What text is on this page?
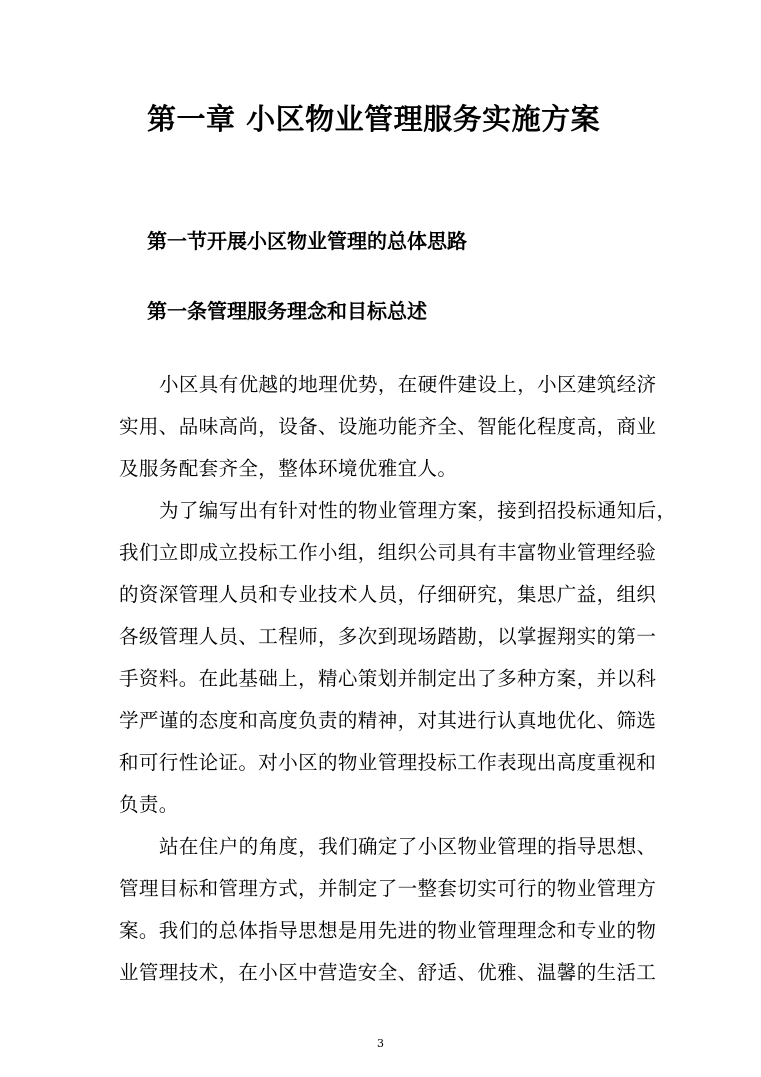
第一章 小区物业管理服务实施方案
第一节开展小区物业管理的总体思路
第一条管理服务理念和目标总述
小区具有优越的地理优势，在硬件建设上，小区建筑经济
实用、品味高尚，设备、设施功能齐全、智能化程度高，商业
及服务配套齐全，整体环境优雅宜人。
为了编写出有针对性的物业管理方案，接到招投标通知后，
我们立即成立投标工作小组，组织公司具有丰富物业管理经验
的资深管理人员和专业技术人员，仔细研究，集思广益，组织
各级管理人员、工程师，多次到现场踏勘，以掌握翔实的第一
手资料。在此基础上，精心策划并制定出了多种方案，并以科
学严谨的态度和高度负责的精神，对其进行认真地优化、筛选
和可行性论证。对小区的物业管理投标工作表现出高度重视和
负责。
站在住户的角度，我们确定了小区物业管理的指导思想、
管理目标和管理方式，并制定了一整套切实可行的物业管理方
案。我们的总体指导思想是用先进的物业管理理念和专业的物
业管理技术，在小区中营造安全、舒适、优雅、温馨的生活工
3
